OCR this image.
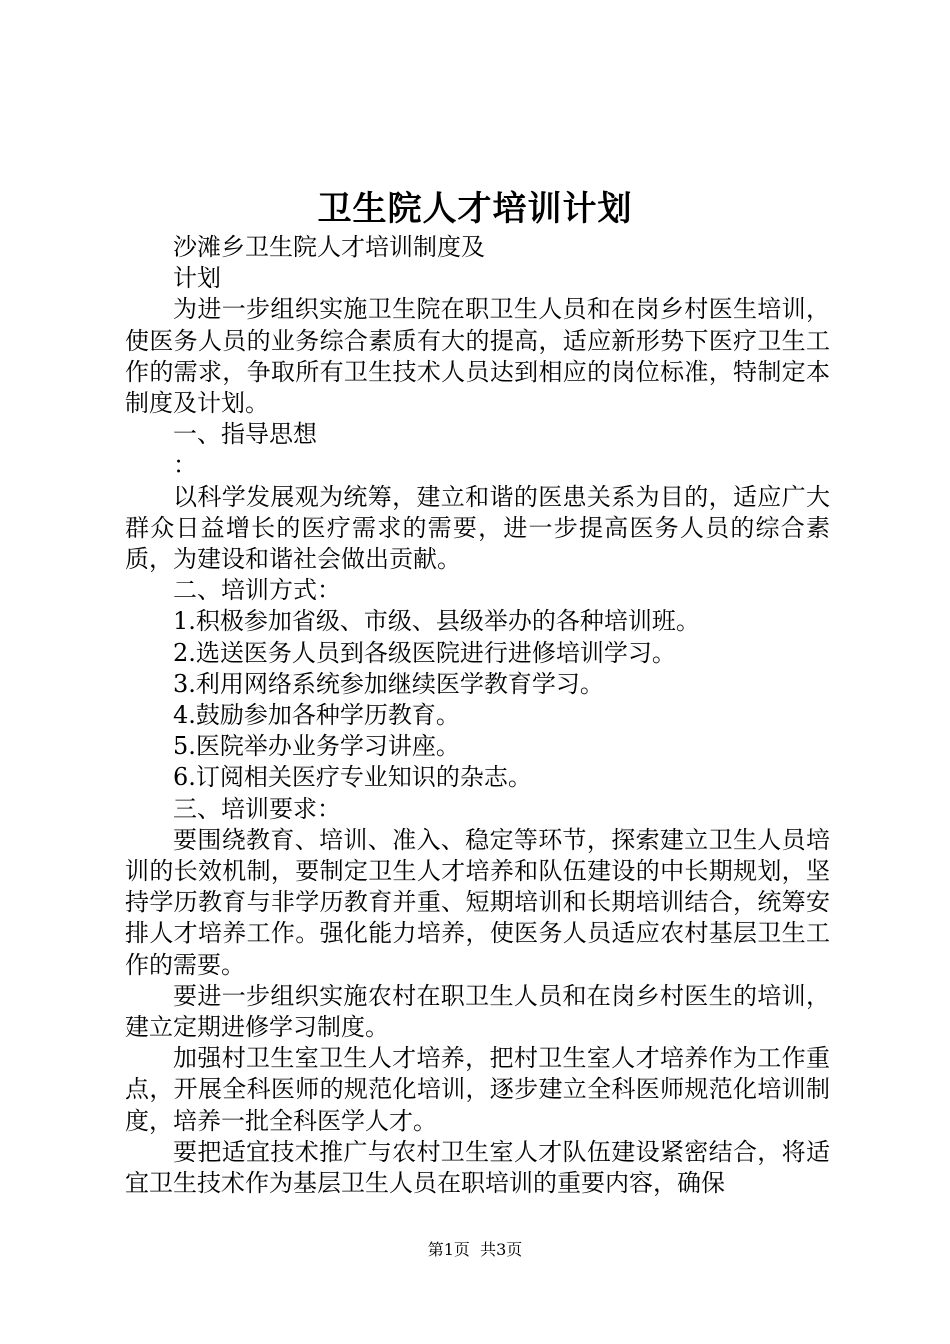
卫生院人才培训计划

沙滩乡卫生院人才培训制度及

计划

为进一步组织实施卫生院在职卫生人员和在岗乡村医生培训，使医务人员的业务综合素质有大的提高，适应新形势下医疗卫生工作的需求，争取所有卫生技术人员达到相应的岗位标准，特制定本制度及计划。

一、指导思想

：

以科学发展观为统筹，建立和谐的医患关系为目的，适应广大群众日益增长的医疗需求的需要，进一步提高医务人员的综合素质，为建设和谐社会做出贡献。

二、培训方式：

1.积极参加省级、市级、县级举办的各种培训班。

2.选送医务人员到各级医院进行进修培训学习。

3.利用网络系统参加继续医学教育学习。

4.鼓励参加各种学历教育。

5.医院举办业务学习讲座。

6.订阅相关医疗专业知识的杂志。

三、培训要求：

要围绕教育、培训、准入、稳定等环节，探索建立卫生人员培训的长效机制，要制定卫生人才培养和队伍建设的中长期规划，坚持学历教育与非学历教育并重、短期培训和长期培训结合，统筹安排人才培养工作。强化能力培养，使医务人员适应农村基层卫生工作的需要。

要进一步组织实施农村在职卫生人员和在岗乡村医生的培训，建立定期进修学习制度。

加强村卫生室卫生人才培养，把村卫生室人才培养作为工作重点，开展全科医师的规范化培训，逐步建立全科医师规范化培训制度，培养一批全科医学人才。

要把适宜技术推广与农村卫生室人才队伍建设紧密结合，将适宜卫生技术作为基层卫生人员在职培训的重要内容，确保

第1页 共3页
